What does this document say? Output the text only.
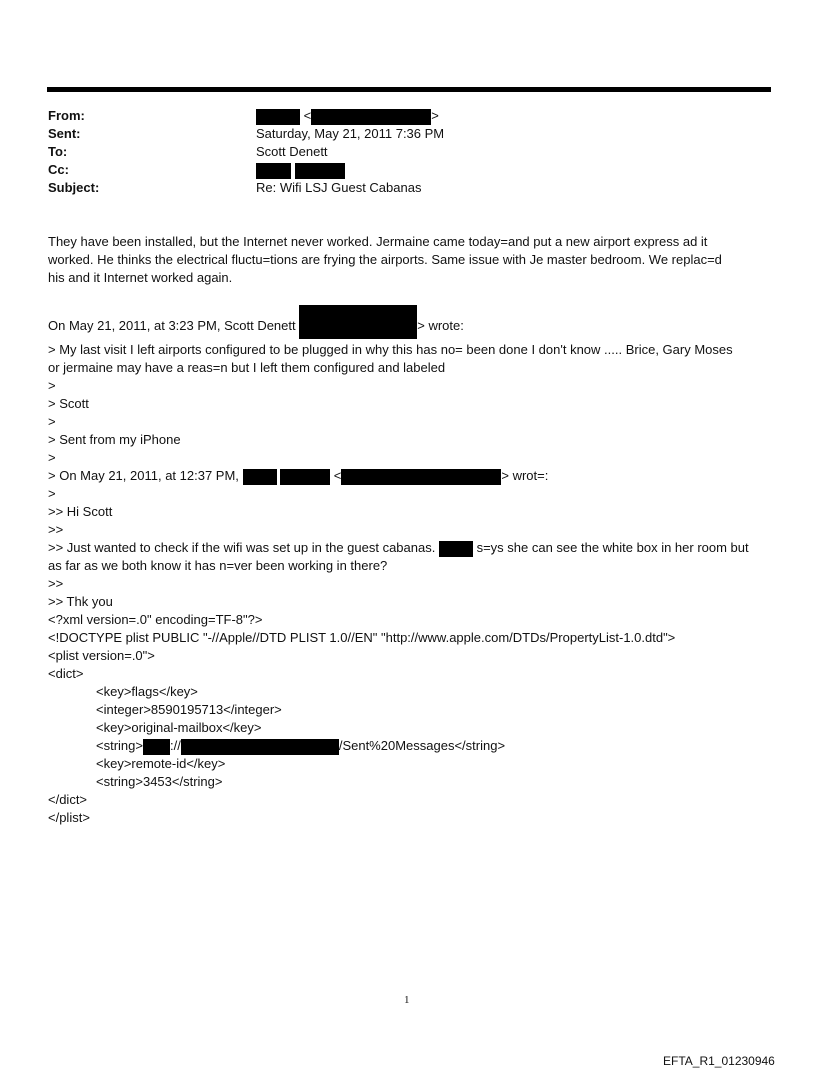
From:	<	>
Sent:	Saturday, May 21, 2011 7:36 PM
To:	Scott Denett
Cc:

Subject:	Re: Wifi LSJ Guest Cabanas
They have been installed, but the Internet never worked. Jermaine came today=and put a new airport express ad it
worked. He thinks the electrical fluctu=tions are frying the airports. Same issue with Je master bedroom. We replac=d
his and it Internet worked again.
On May 21, 2011, at 3:23 PM, Scott Denett	> wrote:
> My last visit I left airports configured to be plugged in why this has no= been done I don't know ..... Brice, Gary Moses
or jermaine may have a reas=n but I left them configured and labeled
>
> Scott
>
> Sent from my iPhone
>
> On May 21, 2011, at 12:37 PM,	<	> wrot=:
>
>> Hi Scott
>>
>> Just wanted to check if the wifi was set up in the guest cabanas.	s=ys she can see the white box in her room but
as far as we both know it has n=ver been working in there?
>>
>> Thk you
<?xml version=.0" encoding=TF-8"?>
<!DOCTYPE plist PUBLIC "-//Apple//DTD PLIST 1.0//EN" "http://www.apple.com/DTDs/PropertyList-1.0.dtd">
<plist version=.0">
<dict>
<key>flags</key>
<integer>8590195713</integer>
<key>original-mailbox</key>
<string> ://	/Sent%20Messages</string>
<key>remote-id</key>
<string>3453</string>
</dict>
</plist>
1
EFTA_R1_01230946
